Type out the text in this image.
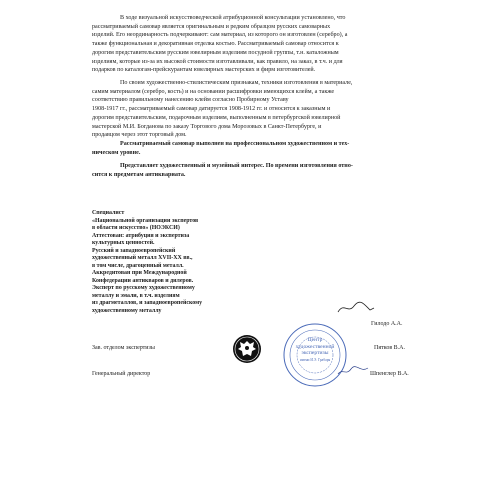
В ходе визуальной искусствоведческой атрибуционной консультации установлено, что
рассматриваемый самовар является оригинальным и редким образцом русских самоварных
изделий. Его неординарность подчеркивают: сам материал, из которого он изготовлен (серебро), а
также функциональная и декоративная отделка костью. Рассматриваемый самовар относится к
дорогим представительским русским ювелирным изделиям посудной группы, т.н. каталожным
изделиям, которые из-за их высокой стоимости изготавливали, как правило, на заказ, в т.ч. и для
подарков по каталогам-прейскурантам ювелирных мастерских и фирм изготовителей.

По своим художественно-стилистическим признакам, техники изготовления в материале,
самим материалом (серебро, кость) и на основании расшифровки имеющихся клейм, а также
соответствию правильному нанесению клейм согласно Пробирному Уставу
1908-1917 гг., рассматриваемый самовар датируется 1908-1912 гг. и относится к заказным и
дорогим представительским, подарочным изделиям, выполненным в петербургской ювелирной
мастерской М.И. Богданова по заказу Торгового дома Морозовых в Санкт-Петербурге, и
продавцом через этот торговый дом.

Рассматриваемый самовар выполнен на профессиональном художественном и тех-
ническом уровне.

Представляет художественный и музейный интерес. По времени изготовления отно-
сится к предметам антиквариата.

Специалист
«Национальной организации экспертов
в области искусство» (НОЭКСИ)
Аттестован: атрибуция и экспертиза
культурных ценностей.
Русский и западноевропейский
художественный металл XVII-XX вв.,
в том числе, драгоценный металл.
Аккредитован при Международной
Конфедерации антикваров и дилеров.
Эксперт по русскому художественному
металлу и эмали, в т.ч. изделиям
из драгметаллов, и западноевропейскому
художественному металлу

Гилодо А.А.
Зав. отделом экспертизы	Пятков В.А.
Центр
художественной
экспертизы
имени И.Э. Грабаря
Генеральный директор	Шпенглер В.А.
